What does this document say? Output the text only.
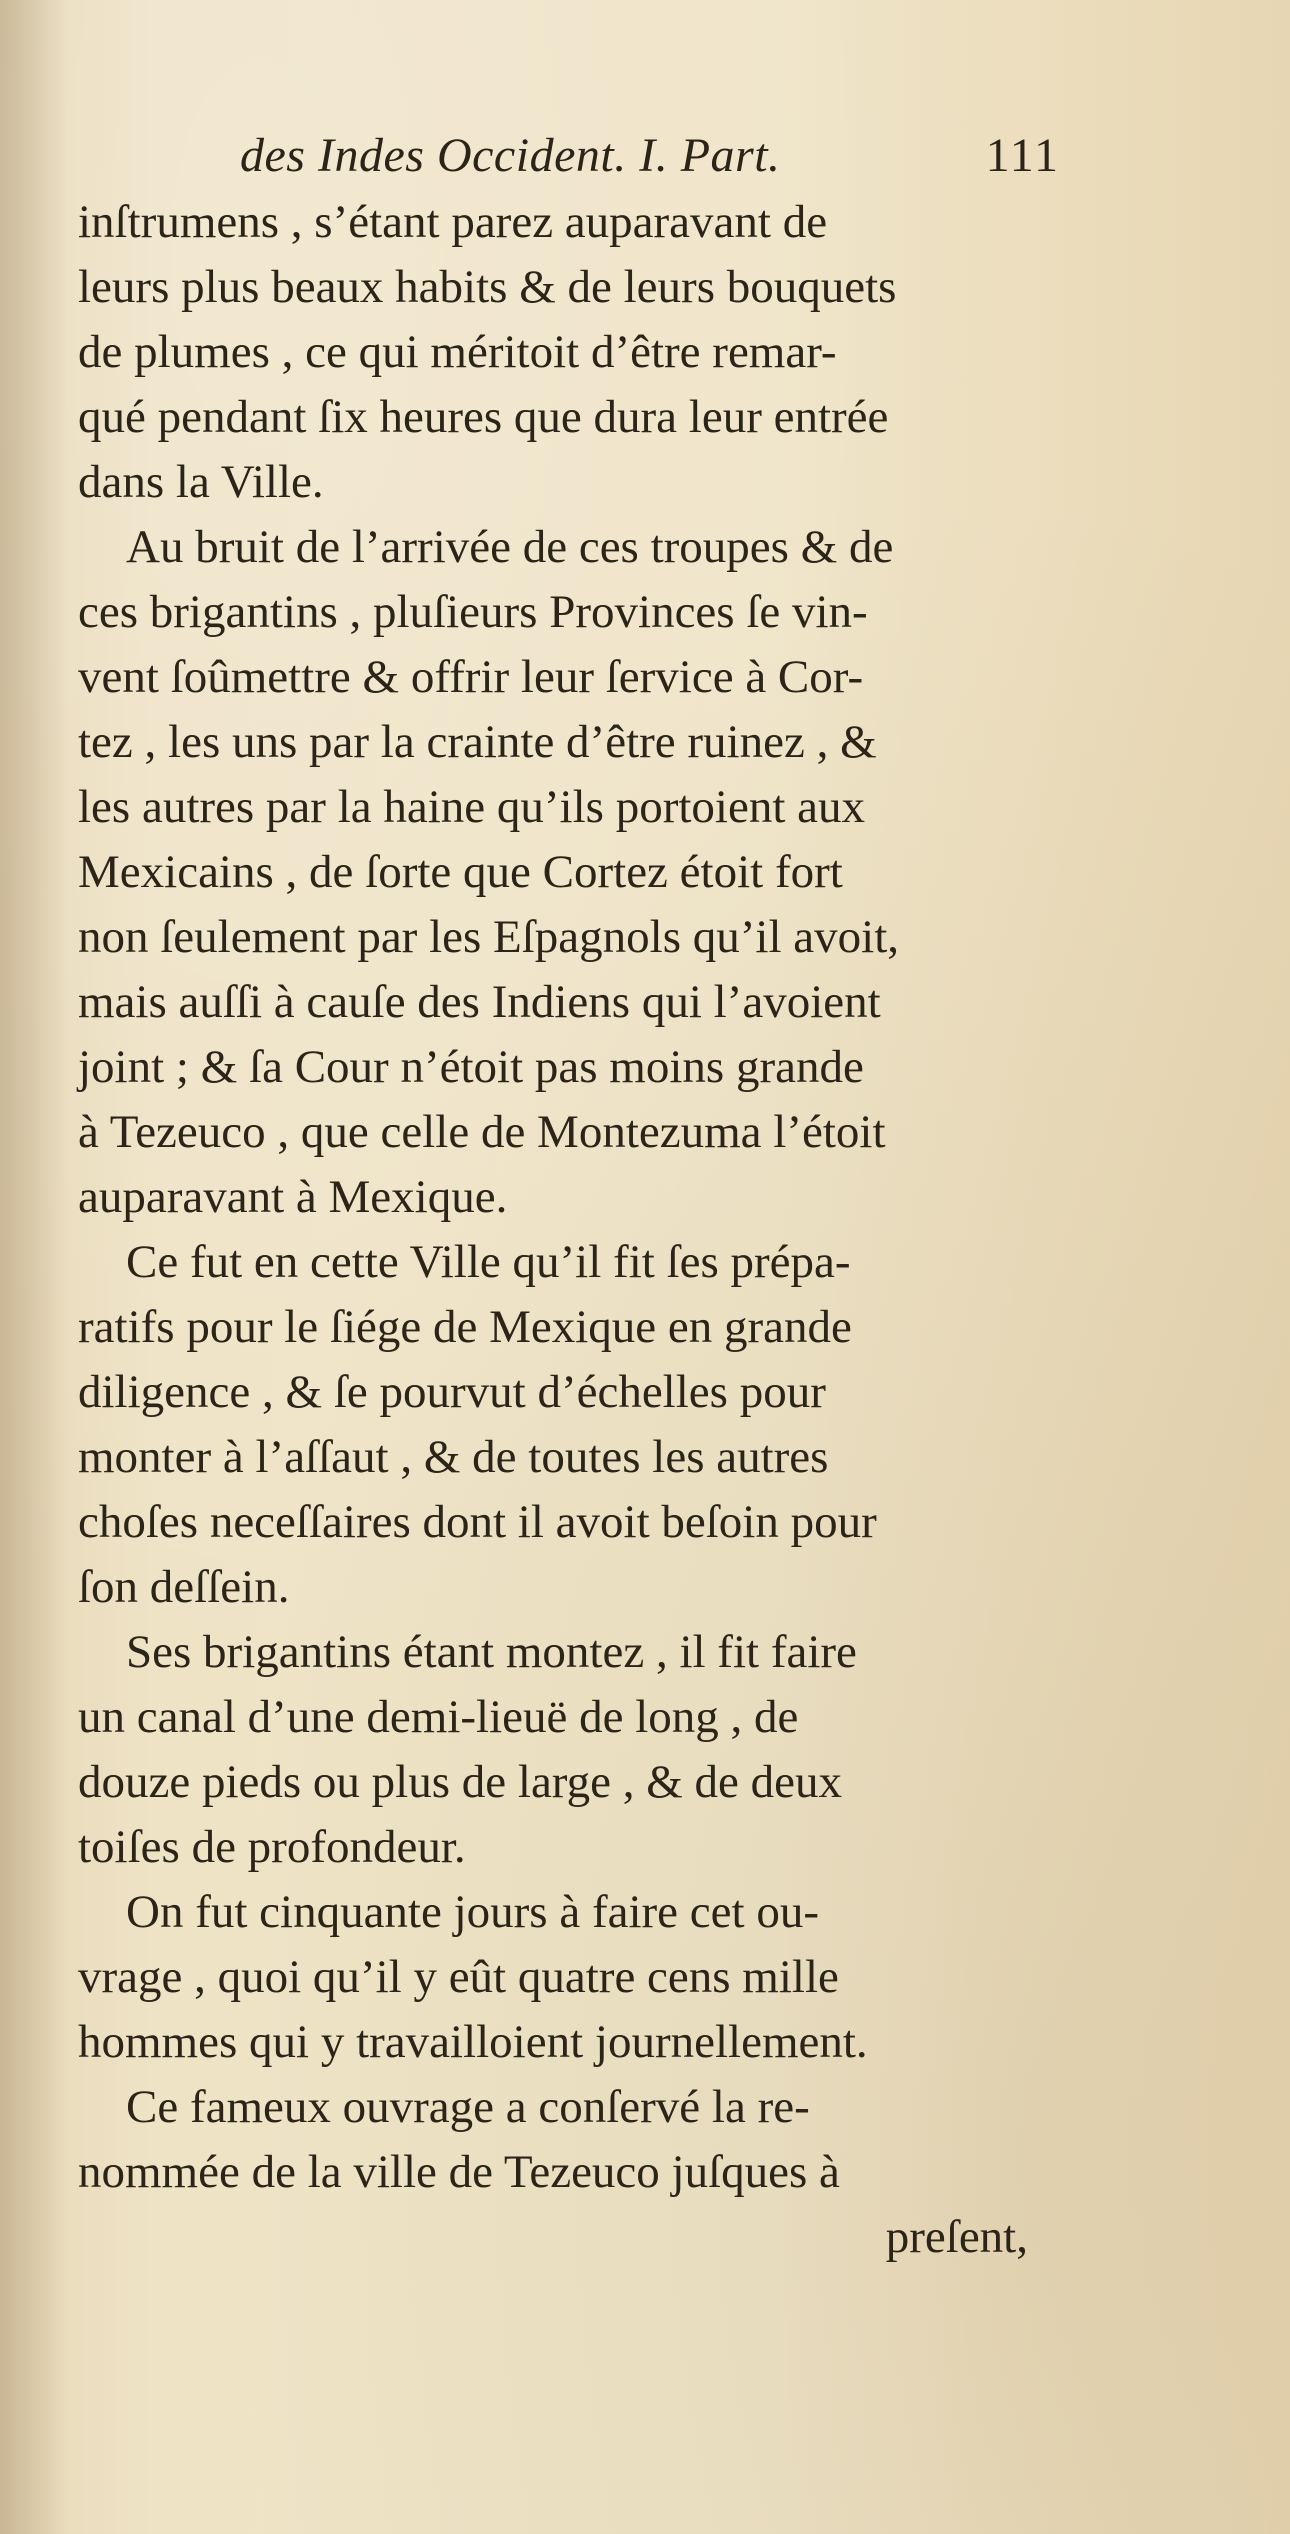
des Indes Occident. I. Part.	111
inſtrumens , s’étant parez auparavant de
leurs plus beaux habits & de leurs bouquets
de plumes , ce qui méritoit d’être remar-
qué pendant ſix heures que dura leur entrée
dans la Ville.
Au bruit de l’arrivée de ces troupes & de
ces brigantins , pluſieurs Provinces ſe vin-
vent ſoûmettre & offrir leur ſervice à Cor-
tez , les uns par la crainte d’être ruinez , &
les autres par la haine qu’ils portoient aux
Mexicains , de ſorte que Cortez étoit fort
non ſeulement par les Eſpagnols qu’il avoit,
mais auſſi à cauſe des Indiens qui l’avoient
joint ; & ſa Cour n’étoit pas moins grande
à Tezeuco , que celle de Montezuma l’étoit
auparavant à Mexique.
Ce fut en cette Ville qu’il fit ſes prépa-
ratifs pour le ſiége de Mexique en grande
diligence , & ſe pourvut d’échelles pour
monter à l’aſſaut , & de toutes les autres
choſes neceſſaires dont il avoit beſoin pour
ſon deſſein.
Ses brigantins étant montez , il fit faire
un canal d’une demi-lieuë de long , de
douze pieds ou plus de large , & de deux
toiſes de profondeur.
On fut cinquante jours à faire cet ou-
vrage , quoi qu’il y eût quatre cens mille
hommes qui y travailloient journellement.
Ce fameux ouvrage a conſervé la re-
nommée de la ville de Tezeuco juſques à
preſent,
